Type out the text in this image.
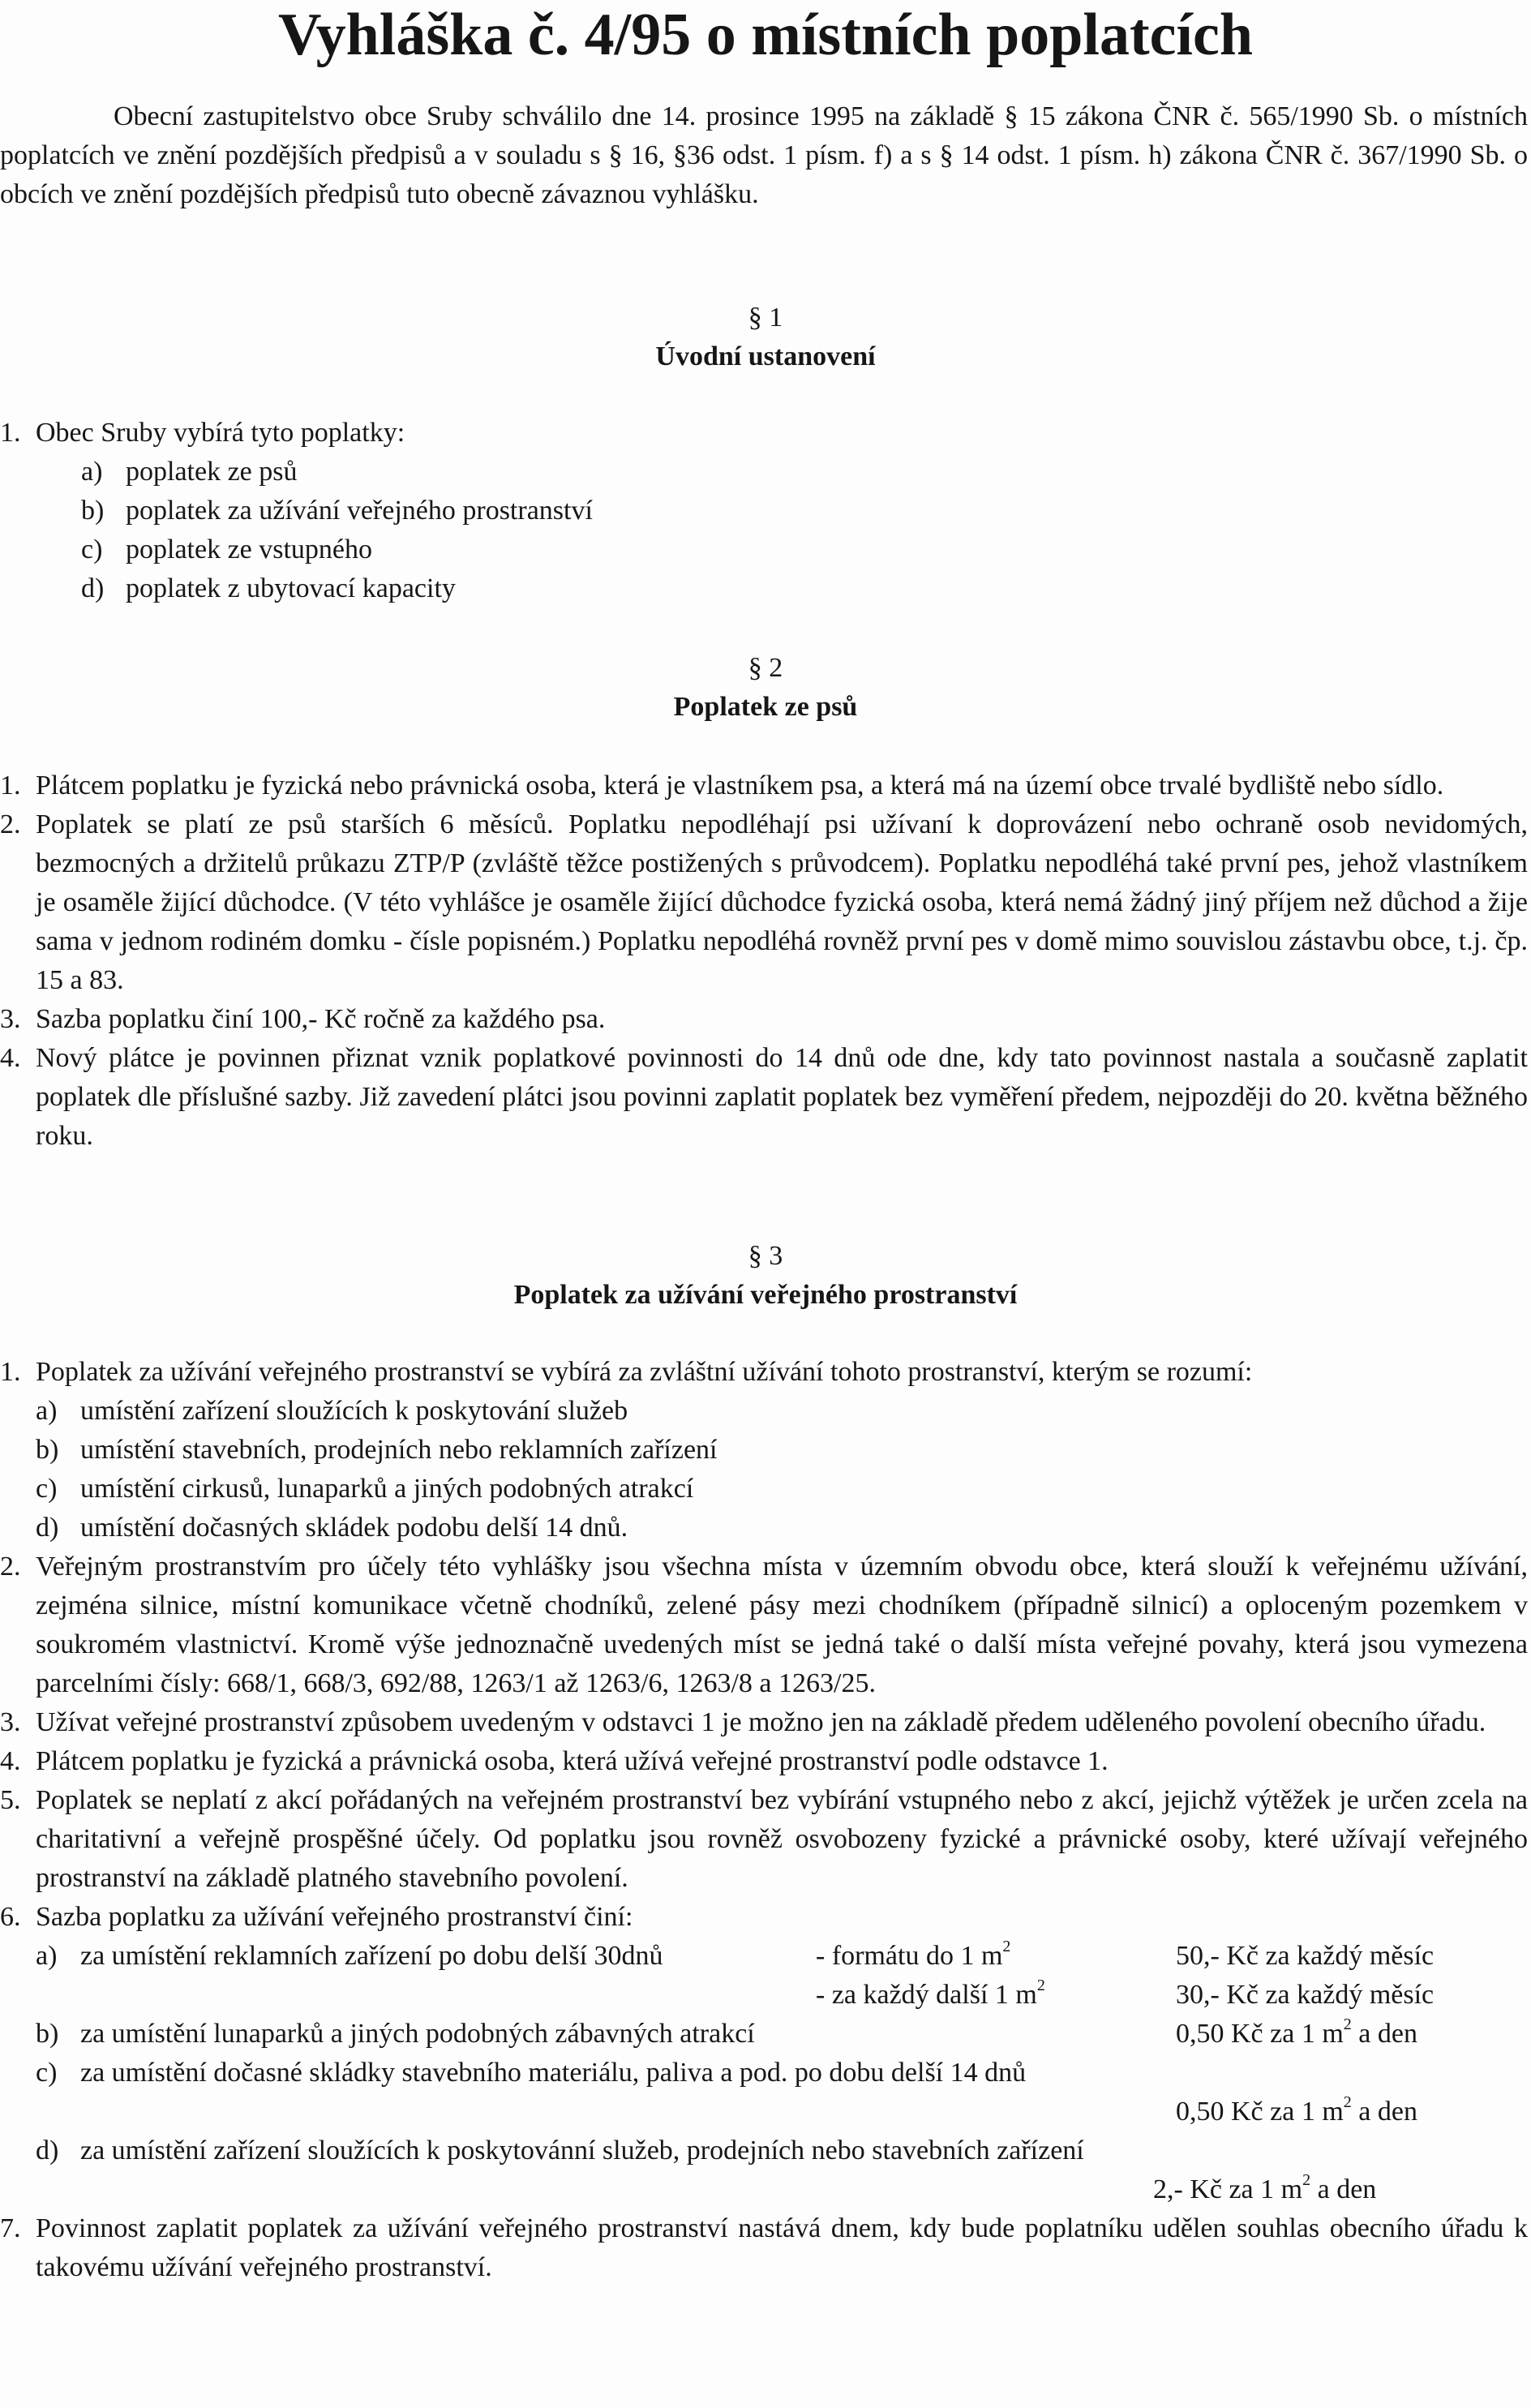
Vyhláška č. 4/95 o místních poplatcích
Obecní zastupitelstvo obce Sruby schválilo dne 14. prosince 1995 na základě § 15 zákona ČNR č. 565/1990 Sb. o místních poplatcích ve znění pozdějších předpisů a v souladu s § 16, §36 odst. 1 písm. f) a s § 14 odst. 1 písm. h) zákona ČNR č. 367/1990 Sb. o obcích ve znění pozdějších předpisů tuto obecně závaznou vyhlášku.
§ 1
Úvodní ustanovení
1. Obec Sruby vybírá tyto poplatky:
a) poplatek ze psů
b) poplatek za užívání veřejného prostranství
c) poplatek ze vstupného
d) poplatek z ubytovací kapacity
§ 2
Poplatek ze psů
1. Plátcem poplatku je fyzická nebo právnická osoba, která je vlastníkem psa, a která má na území obce trvalé bydliště nebo sídlo.
2. Poplatek se platí ze psů starších 6 měsíců. Poplatku nepodléhají psi užívaní k doprovázení nebo ochraně osob nevidomých, bezmocných a držitelů průkazu ZTP/P (zvláště těžce postižených s průvodcem). Poplatku nepodléhá také první pes, jehož vlastníkem je osaměle žijící důchodce. (V této vyhlášce je osaměle žijící důchodce fyzická osoba, která nemá žádný jiný příjem než důchod a žije sama v jednom rodiném domku - čísle popisném.) Poplatku nepodléhá rovněž první pes v domě mimo souvislou zástavbu obce, t.j. čp. 15 a 83.
3. Sazba poplatku činí 100,- Kč ročně za každého psa.
4. Nový plátce je povinnen přiznat vznik poplatkové povinnosti do 14 dnů ode dne, kdy tato povinnost nastala a současně zaplatit poplatek dle příslušné sazby. Již zavedení plátci jsou povinni zaplatit poplatek bez vyměření předem, nejpozději do 20. května běžného roku.
§ 3
Poplatek za užívání veřejného prostranství
1. Poplatek za užívání veřejného prostranství se vybírá za zvláštní užívání tohoto prostranství, kterým se rozumí:
a) umístění zařízení sloužících k poskytování služeb
b) umístění stavebních, prodejních nebo reklamních zařízení
c) umístění cirkusů, lunaparků a jiných podobných atrakcí
d) umístění dočasných skládek podobu delší 14 dnů.
2. Veřejným prostranstvím pro účely této vyhlášky jsou všechna místa v územním obvodu obce, která slouží k veřejnému užívání, zejména silnice, místní komunikace včetně chodníků, zelené pásy mezi chodníkem (případně silnicí) a oploceným pozemkem v soukromém vlastnictví. Kromě výše jednoznačně uvedených míst se jedná také o další místa veřejné povahy, která jsou vymezena parcelními čísly: 668/1, 668/3, 692/88, 1263/1 až 1263/6, 1263/8 a 1263/25.
3. Užívat veřejné prostranství způsobem uvedeným v odstavci 1 je možno jen na základě předem uděleného povolení obecního úřadu.
4. Plátcem poplatku je fyzická a právnická osoba, která užívá veřejné prostranství podle odstavce 1.
5. Poplatek se neplatí z akcí pořádaných na veřejném prostranství bez vybírání vstupného nebo z akcí, jejichž výtěžek je určen zcela na charitativní a veřejně prospěšné účely. Od poplatku jsou rovněž osvobozeny fyzické a právnické osoby, které užívají veřejného prostranství na základě platného stavebního povolení.
6. Sazba poplatku za užívání veřejného prostranství činí:
a) za umístění reklamních zařízení po dobu delší 30dnů	- formátu do 1 $m^2$	50,- Kč za každý měsíc
- za každý další 1 $m^2$	30,- Kč za každý měsíc
b) za umístění lunaparků a jiných podobných zábavných atrakcí	0,50 Kč za 1 $m^2$ a den
c) za umístění dočasné skládky stavebního materiálu, paliva a pod. po dobu delší 14 dnů
0,50 Kč za 1 $m^2$ a den
d) za umístění zařízení sloužících k poskytovánní služeb, prodejních nebo stavebních zařízení
2,- Kč za 1 $m^2$ a den
7. Povinnost zaplatit poplatek za užívání veřejného prostranství nastává dnem, kdy bude poplatníku udělen souhlas obecního úřadu k takovému užívání veřejného prostranství.
